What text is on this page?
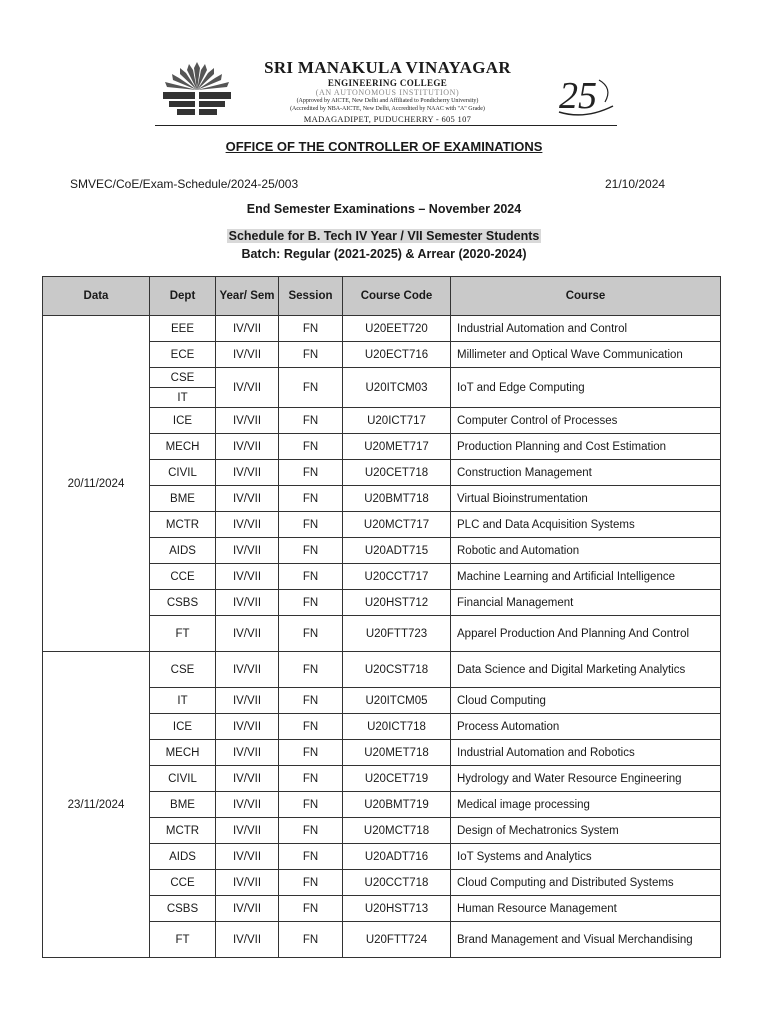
SRI MANAKULA VINAYAGAR
ENGINEERING COLLEGE
(AN AUTONOMOUS INSTITUTION)
(Approved by AICTE, New Delhi and Affiliated to Pondicherry University)
(Accredited by NBA-AICTE, New Delhi, Accredited by NAAC with "A" Grade)
MADAGADIPET, PUDUCHERRY - 605 107
25
OFFICE OF THE CONTROLLER OF EXAMINATIONS
SMVEC/CoE/Exam-Schedule/2024-25/003	21/10/2024
End Semester Examinations – November 2024
Schedule for B. Tech IV Year / VII Semester Students
Batch: Regular (2021-2025) & Arrear (2020-2024)
Data	Dept	Year/ Sem	Session	Course Code	Course
20/11/2024	EEE	IV/VII	FN	U20EET720	Industrial Automation and Control
	ECE	IV/VII	FN	U20ECT716	Millimeter and Optical Wave Communication
	CSE	IV/VII	FN	U20ITCM03	IoT and Edge Computing
	IT				
	ICE	IV/VII	FN	U20ICT717	Computer Control of Processes
	MECH	IV/VII	FN	U20MET717	Production Planning and Cost Estimation
	CIVIL	IV/VII	FN	U20CET718	Construction Management
	BME	IV/VII	FN	U20BMT718	Virtual Bioinstrumentation
	MCTR	IV/VII	FN	U20MCT717	PLC and Data Acquisition Systems
	AIDS	IV/VII	FN	U20ADT715	Robotic and Automation
	CCE	IV/VII	FN	U20CCT717	Machine Learning and Artificial Intelligence
	CSBS	IV/VII	FN	U20HST712	Financial Management
	FT	IV/VII	FN	U20FTT723	Apparel Production And Planning And Control
23/11/2024	CSE	IV/VII	FN	U20CST718	Data Science and Digital Marketing Analytics
	IT	IV/VII	FN	U20ITCM05	Cloud Computing
	ICE	IV/VII	FN	U20ICT718	Process Automation
	MECH	IV/VII	FN	U20MET718	Industrial Automation and Robotics
	CIVIL	IV/VII	FN	U20CET719	Hydrology and Water Resource Engineering
	BME	IV/VII	FN	U20BMT719	Medical image processing
	MCTR	IV/VII	FN	U20MCT718	Design of Mechatronics System
	AIDS	IV/VII	FN	U20ADT716	IoT Systems and Analytics
	CCE	IV/VII	FN	U20CCT718	Cloud Computing and Distributed Systems
	CSBS	IV/VII	FN	U20HST713	Human Resource Management
	FT	IV/VII	FN	U20FTT724	Brand Management and Visual Merchandising
